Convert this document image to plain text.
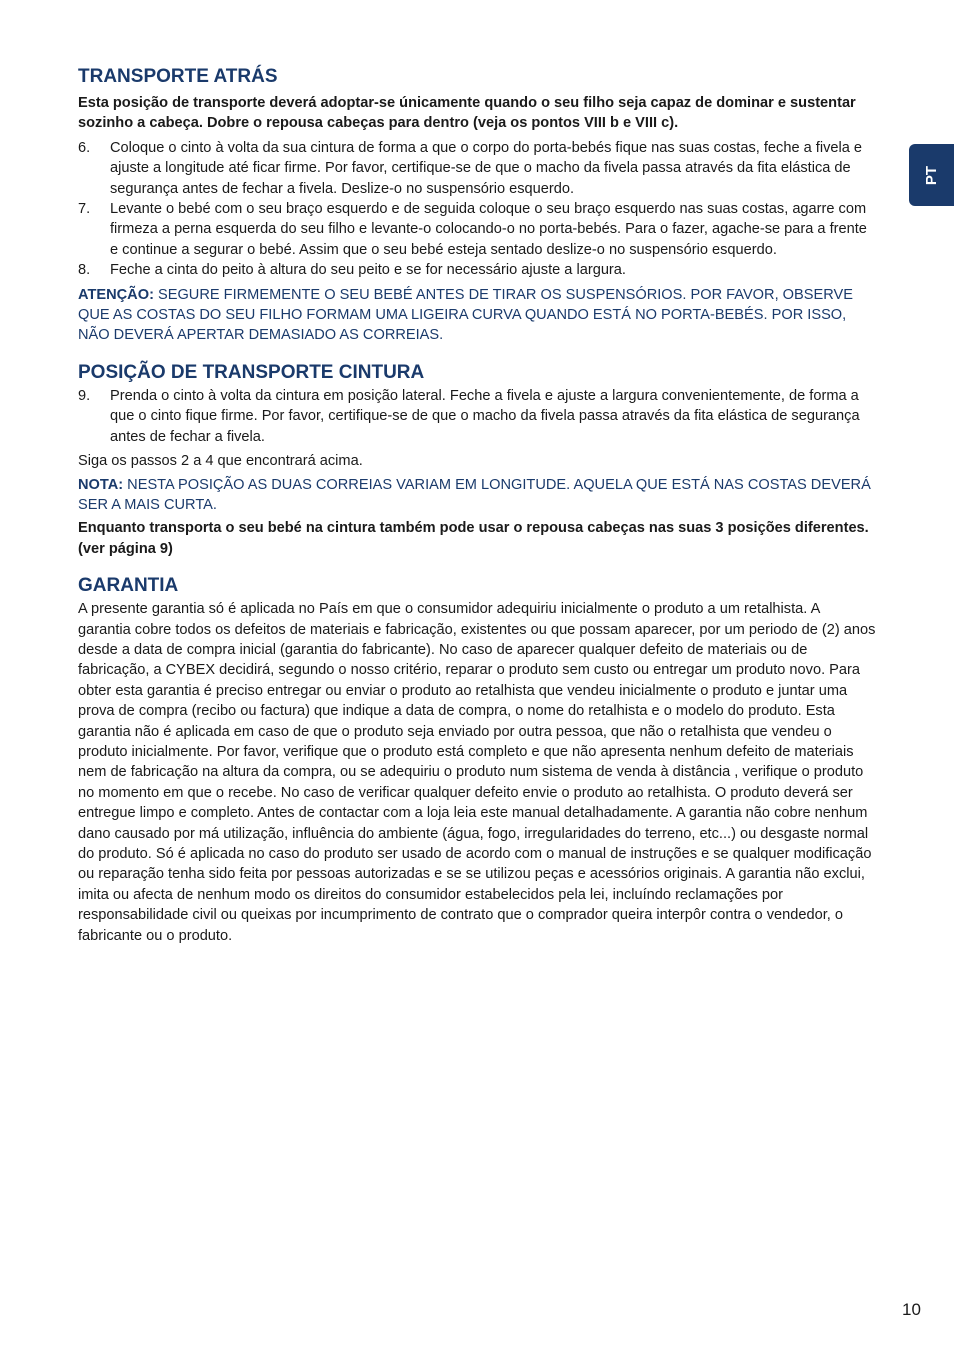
PT
TRANSPORTE ATRÁS

Esta posição de transporte deverá adoptar-se únicamente quando o seu filho seja capaz de dominar e sustentar sozinho a cabeça. Dobre o repousa cabeças para dentro (veja os pontos VIII b e VIII c).

6. Coloque o cinto à volta da sua cintura de forma a que o corpo do porta-bebés fique nas suas costas, feche a fivela e ajuste a longitude até ficar firme. Por favor, certifique-se de que o macho da fivela passa através da fita elástica de segurança antes de fechar a fivela. Deslize-o no suspensório esquerdo.
7. Levante o bebé com o seu braço esquerdo e de seguida coloque o seu braço esquerdo nas suas costas, agarre com firmeza a perna esquerda do seu filho e levante-o colocando-o no porta-bebés. Para o fazer, agache-se para a frente e continue a segurar o bebé. Assim que o seu bebé esteja sentado deslize-o no suspensório esquerdo.
8. Feche a cinta do peito à altura do seu peito e se for necessário ajuste a largura.

ATENÇÃO: SEGURE FIRMEMENTE O SEU BEBÉ ANTES DE TIRAR OS SUSPENSÓRIOS. POR FAVOR, OBSERVE QUE AS COSTAS DO SEU FILHO FORMAM UMA LIGEIRA CURVA QUANDO ESTÁ NO PORTA-BEBÉS. POR ISSO, NÃO DEVERÁ APERTAR DEMASIADO AS CORREIAS.

POSIÇÃO DE TRANSPORTE CINTURA
9. Prenda o cinto à volta da cintura em posição lateral. Feche a fivela e ajuste a largura convenientemente, de forma a que o cinto fique firme. Por favor, certifique-se de que o macho da fivela passa através da fita elástica de segurança antes de fechar a fivela.

Siga os passos 2 a 4 que encontrará acima.

NOTA: NESTA POSIÇÃO AS DUAS CORREIAS VARIAM EM LONGITUDE. AQUELA QUE ESTÁ NAS COSTAS DEVERÁ SER A MAIS CURTA.

Enquanto transporta o seu bebé na cintura também pode usar o repousa cabeças nas suas 3 posições diferentes. (ver página 9)

GARANTIA

A presente garantia só é aplicada no País em que o consumidor adequiriu inicialmente o produto a um retalhista. A garantia cobre todos os defeitos de materiais e fabricação, existentes ou que possam aparecer, por um periodo de (2) anos desde a data de compra inicial (garantia do fabricante). No caso de aparecer qualquer defeito de materiais ou de fabricação, a CYBEX decidirá, segundo o nosso critério, reparar o produto sem custo ou entregar um produto novo. Para obter esta garantia é preciso entregar ou enviar o produto ao retalhista que vendeu inicialmente o produto e juntar uma prova de compra (recibo ou factura) que indique a data de compra, o nome do retalhista e o modelo do produto. Esta garantia não é aplicada em caso de que o produto seja enviado por outra pessoa, que não o retalhista que vendeu o produto inicialmente. Por favor, verifique que o produto está completo e que não apresenta nenhum defeito de materiais nem de fabricação na altura da compra, ou se adequiriu o produto num sistema de venda à distância , verifique o produto no momento em que o recebe. No caso de verificar qualquer defeito envie o produto ao retalhista. O produto deverá ser entregue limpo e completo. Antes de contactar com a loja leia este manual detalhadamente. A garantia não cobre nenhum dano causado por má utilização, influência do ambiente (água, fogo, irregularidades do terreno, etc...) ou desgaste normal do produto. Só é aplicada no caso do produto ser usado de acordo com o manual de instruções e se qualquer modificação ou reparação tenha sido feita por pessoas autorizadas e se se utilizou peças e acessórios originais. A garantia não exclui, imita ou afecta de nenhum modo os direitos do consumidor estabelecidos pela lei, incluíndo reclamações por responsabilidade civil ou queixas por incumprimento de contrato que o comprador queira interpôr contra o vendedor, o fabricante ou o produto.

10
